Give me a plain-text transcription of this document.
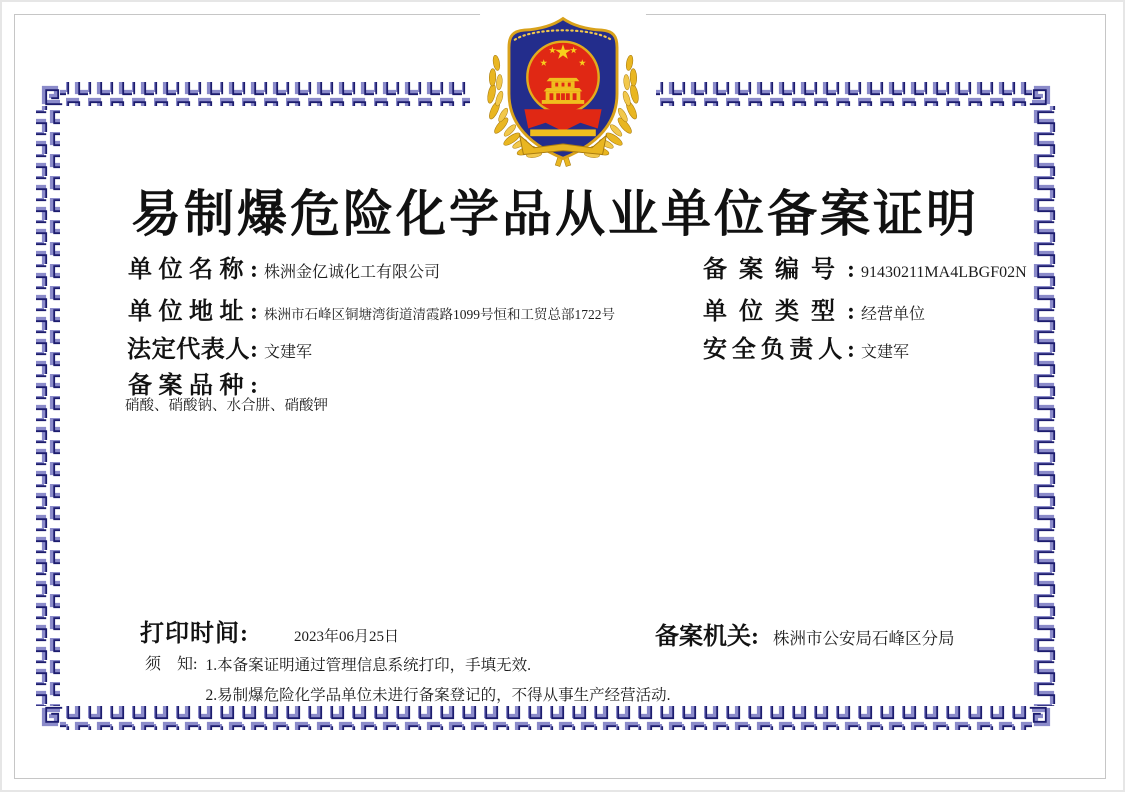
易制爆危险化学品从业单位备案证明
单位名称: 株洲金亿诚化工有限公司	备案编号: 91430211MA4LBGF02N
单位地址: 株洲市石峰区铜塘湾街道清霞路1099号恒和工贸总部1722号	单位类型: 经营单位
法定代表人: 文建军	安全负责人: 文建军
备案品种:
硝酸、硝酸钠、水合肼、硝酸钾
打印时间:	2023年06月25日	备案机关: 株洲市公安局石峰区分局
须　知: 1.本备案证明通过管理信息系统打印，手填无效.
2.易制爆危险化学品单位未进行备案登记的，不得从事生产经营活动.
